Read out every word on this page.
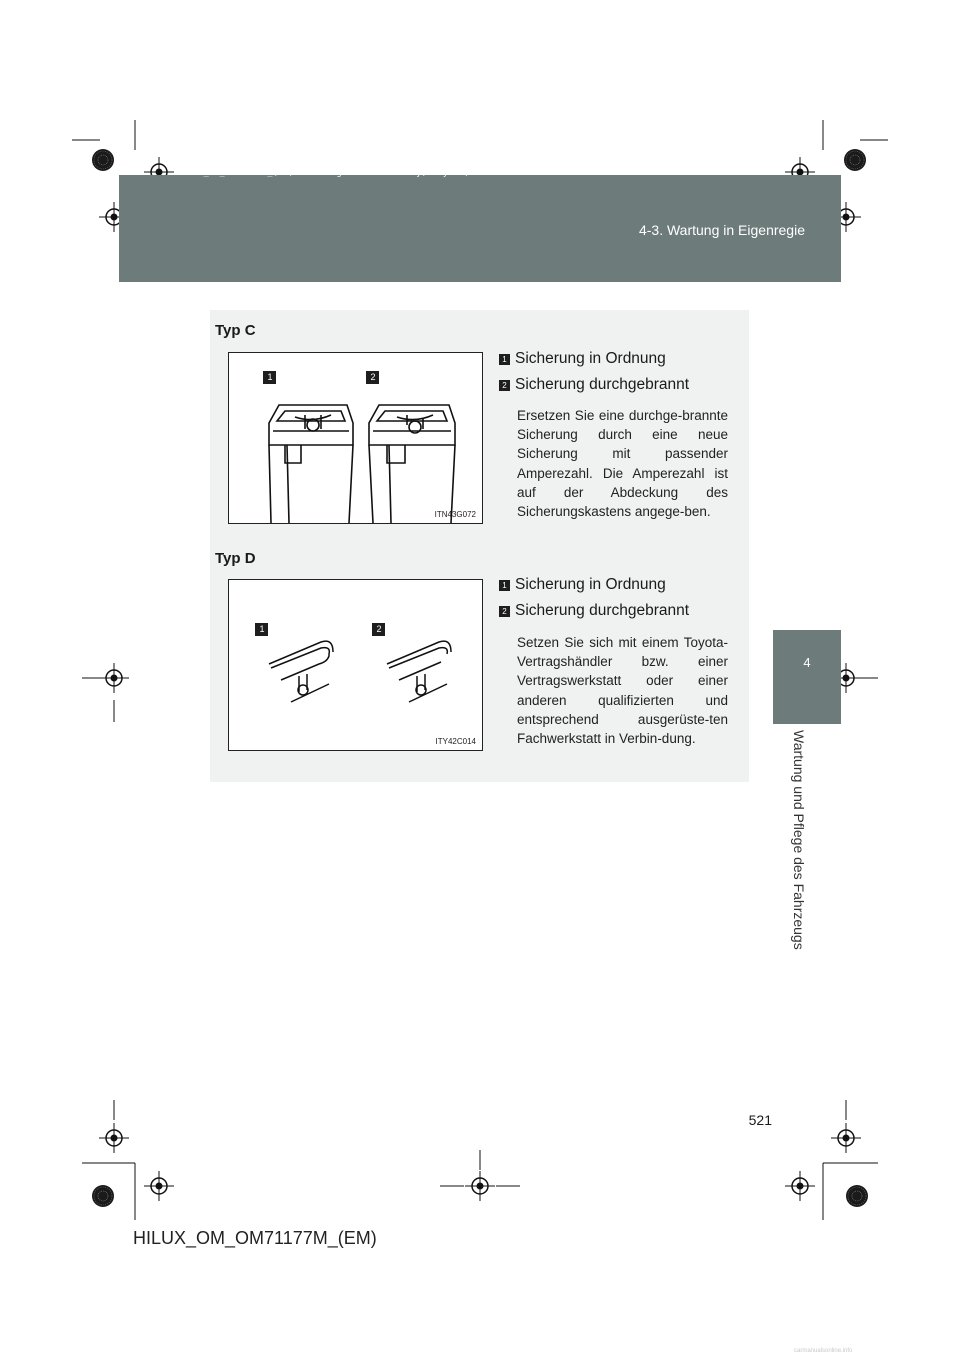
HILUX_OM_OM71177M_(EM).book Page 521 Wednesday, May 16, 2012 1:28 PM
4-3. Wartung in Eigenregie
4
Wartung und Pflege des Fahrzeugs
Typ C
1	2
ITN43G072
1 Sicherung in Ordnung
2 Sicherung durchgebrannt
Ersetzen Sie eine durchge-brannte Sicherung durch eine neue Sicherung mit passender Amperezahl. Die Amperezahl ist auf der Abdeckung des Sicherungskastens angege-ben.
Typ D
1	2
ITY42C014
1 Sicherung in Ordnung
2 Sicherung durchgebrannt
Setzen Sie sich mit einem Toyota-Vertragshändler bzw. einer Vertragswerkstatt oder einer anderen qualifizierten und entsprechend ausgerüste-ten Fachwerkstatt in Verbin-dung.
521
HILUX_OM_OM71177M_(EM)
carmanualsonline.info
